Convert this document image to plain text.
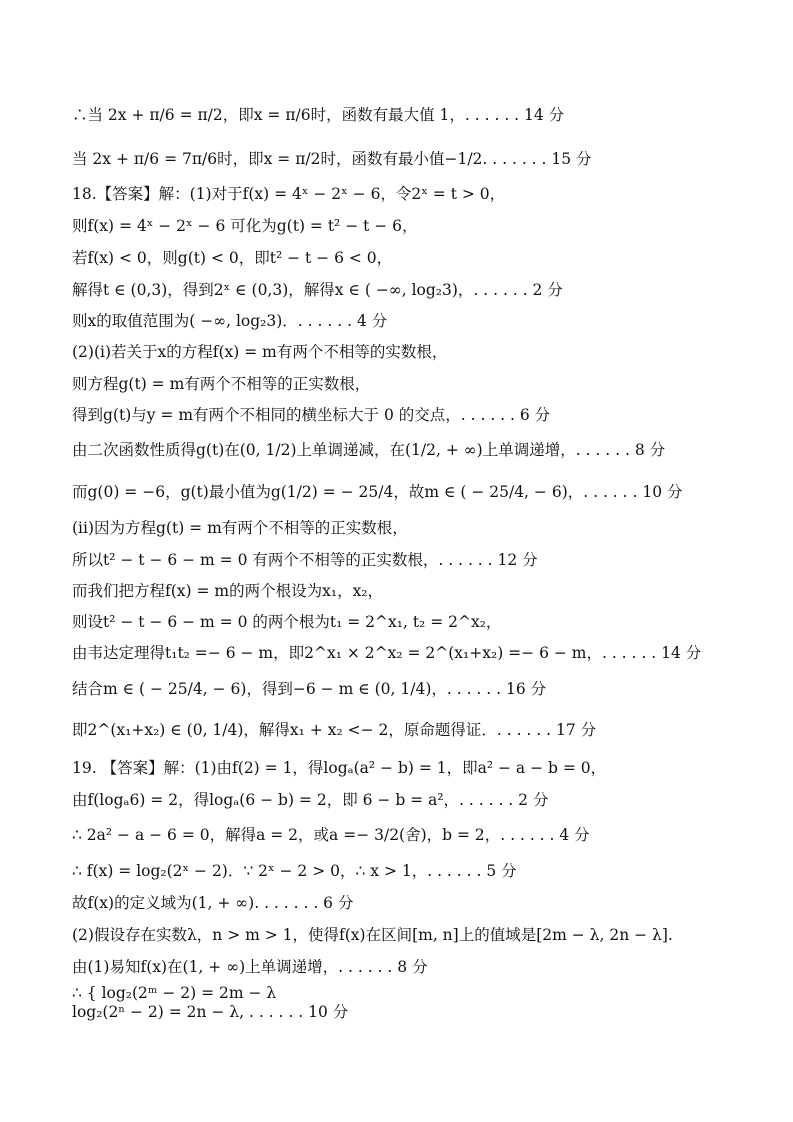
∴当 2x + π/6 = π/2，即x = π/6时，函数有最大值 1，. . . . . . 14 分
当 2x + π/6 = 7π/6时，即x = π/2时，函数有最小值−1/2. . . . . . . 15 分
18.【答案】解：(1)对于f(x) = 4ˣ − 2ˣ − 6，令2ˣ = t > 0，
则f(x) = 4ˣ − 2ˣ − 6 可化为g(t) = t² − t − 6，
若f(x) < 0，则g(t) < 0，即t² − t − 6 < 0，
解得t ∈ (0,3)，得到2ˣ ∈ (0,3)，解得x ∈ ( −∞, log₂3)，. . . . . . 2 分
则x的取值范围为( −∞, log₂3)．. . . . . . 4 分
(2)(i)若关于x的方程f(x) = m有两个不相等的实数根，
则方程g(t) = m有两个不相等的正实数根，
得到g(t)与y = m有两个不相同的横坐标大于 0 的交点，. . . . . . 6 分
由二次函数性质得g(t)在(0, 1/2)上单调递减，在(1/2, + ∞)上单调递增，. . . . . . 8 分
而g(0) = −6，g(t)最小值为g(1/2) = − 25/4，故m ∈ ( − 25/4, − 6)，. . . . . . 10 分
(ii)因为方程g(t) = m有两个不相等的正实数根，
所以t² − t − 6 − m = 0 有两个不相等的正实数根，. . . . . . 12 分
而我们把方程f(x) = m的两个根设为x₁，x₂，
则设t² − t − 6 − m = 0 的两个根为t₁ = 2^x₁, t₂ = 2^x₂，
由韦达定理得t₁t₂ =− 6 − m，即2^x₁ × 2^x₂ = 2^(x₁+x₂) =− 6 − m，. . . . . . 14 分
结合m ∈ ( − 25/4, − 6)，得到−6 − m ∈ (0, 1/4)，. . . . . . 16 分
即2^(x₁+x₂) ∈ (0, 1/4)，解得x₁ + x₂ <− 2，原命题得证．. . . . . . 17 分
19. 【答案】解：(1)由f(2) = 1，得logₐ(a² − b) = 1，即a² − a − b = 0，
由f(logₐ6) = 2，得logₐ(6 − b) = 2，即 6 − b = a²，. . . . . . 2 分
∴ 2a² − a − 6 = 0，解得a = 2，或a =− 3/2(舍)，b = 2，. . . . . . 4 分
∴ f(x) = log₂(2ˣ − 2)．∵ 2ˣ − 2 > 0，∴ x > 1，. . . . . . 5 分
故f(x)的定义域为(1, + ∞). . . . . . . 6 分
(2)假设存在实数λ，n > m > 1，使得f(x)在区间[m, n]上的值域是[2m − λ, 2n − λ].
由(1)易知f(x)在(1, + ∞)上单调递增，. . . . . . 8 分
∴ { log₂(2ᵐ − 2) = 2m − λ
log₂(2ⁿ − 2) = 2n − λ, . . . . . . 10 分
